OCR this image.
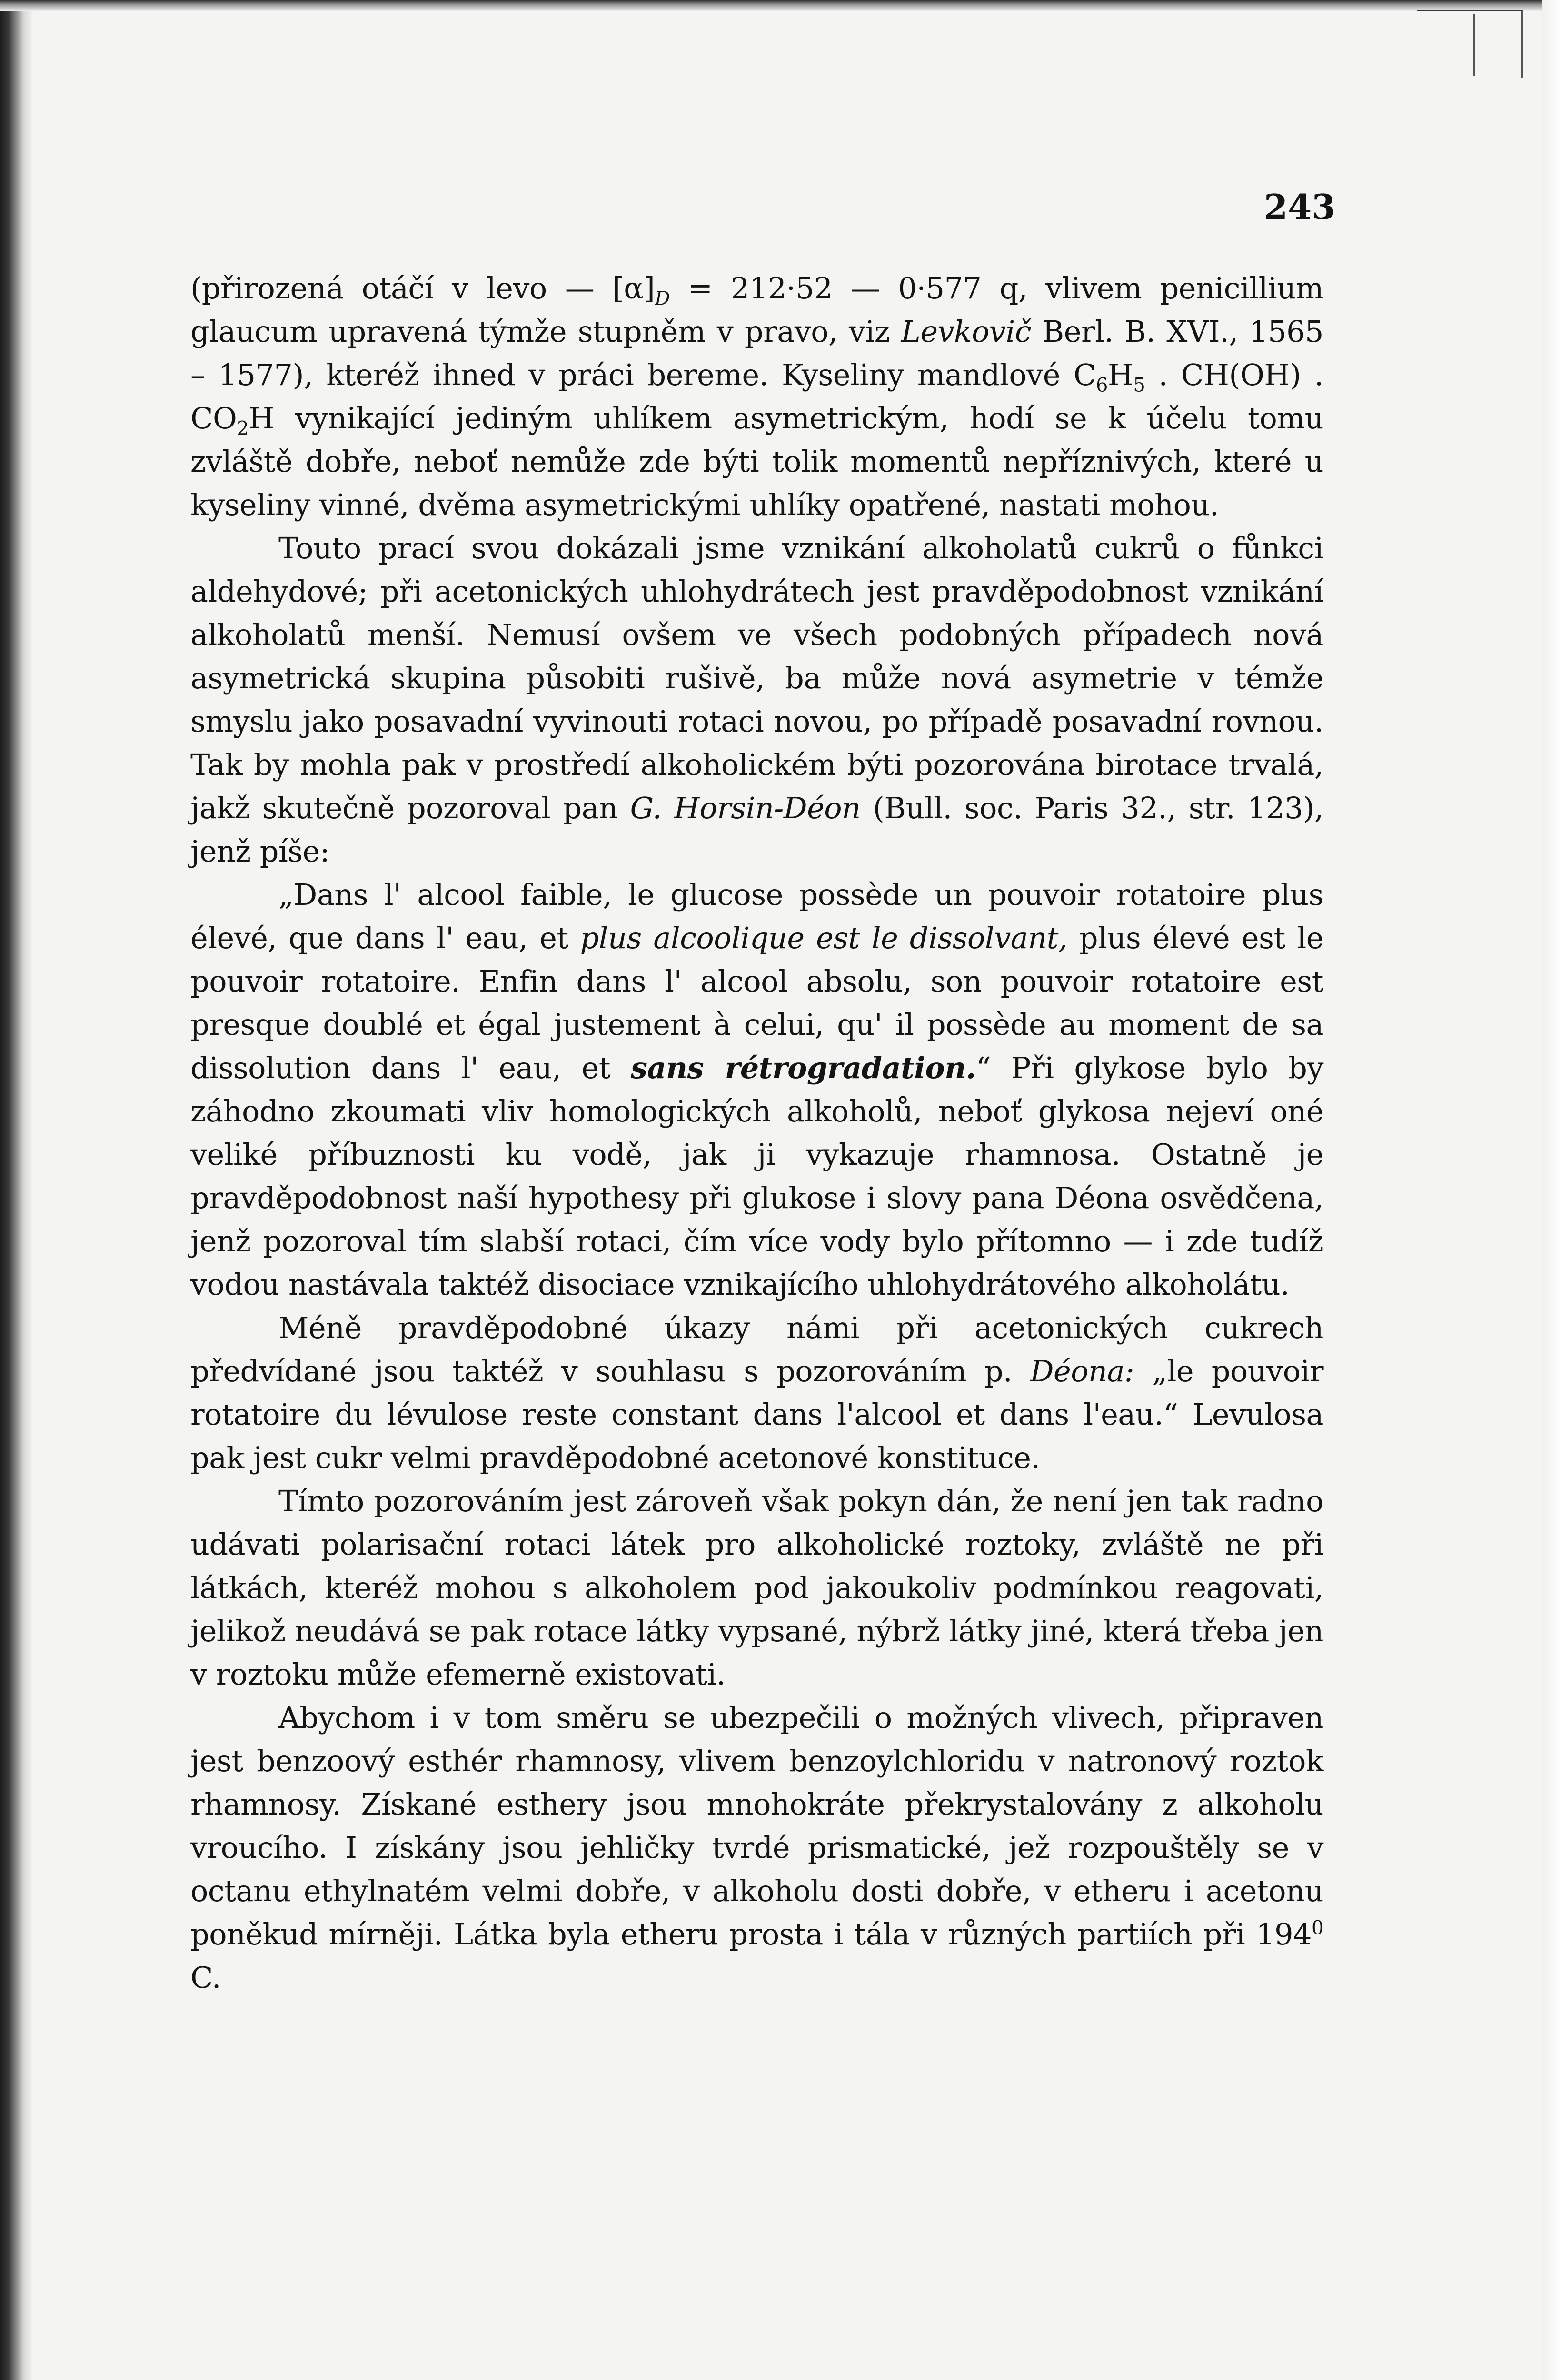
243

(přirozená otáčí v levo — $[\alpha]_D = 212\cdot 52$ — 0·577 q, vlivem penicillium glaucum upravená týmže stupněm v pravo, viz Levkovič Berl. B. XVI., 1565 – 1577), kteréž ihned v práci bereme. Kyseliny mandlové $C_6H_5$ . CH(OH) . $CO_2H$ vynikající jediným uhlíkem asymetrickým, hodí se k účelu tomu zvláště dobře, neboť nemůže zde býti tolik momentů nepříznivých, které u kyseliny vinné, dvěma asymetrickými uhlíky opatřené, nastati mohou.

Touto prací svou dokázali jsme vznikání alkoholatů cukrů o fůnkci aldehydové; při acetonických uhlohydrátech jest pravděpodobnost vznikání alkoholatů menší. Nemusí ovšem ve všech podobných případech nová asymetrická skupina působiti rušivě, ba může nová asymetrie v témže smyslu jako posavadní vyvinouti rotaci novou, po případě posavadní rovnou. Tak by mohla pak v prostředí alkoholickém býti pozorována birotace trvalá, jakž skutečně pozoroval pan G. Horsin-Déon (Bull. soc. Paris 32., str. 123), jenž píše:

„Dans l' alcool faible, le glucose possède un pouvoir rotatoire plus élevé, que dans l' eau, et plus alcoolique est le dissolvant, plus élevé est le pouvoir rotatoire. Enfin dans l' alcool absolu, son pouvoir rotatoire est presque doublé et égal justement à celui, qu' il possède au moment de sa dissolution dans l' eau, et sans rétrogradation.“ Při glykose bylo by záhodno zkoumati vliv homologických alkoholů, neboť glykosa nejeví oné veliké příbuznosti ku vodě, jak ji vykazuje rhamnosa. Ostatně je pravděpodobnost naší hypothesy při glukose i slovy pana Déona osvědčena, jenž pozoroval tím slabší rotaci, čím více vody bylo přítomno — i zde tudíž vodou nastávala taktéž disociace vznikajícího uhlohydrátového alkoholátu.

Méně pravděpodobné úkazy námi při acetonických cukrech předvídané jsou taktéž v souhlasu s pozorováním p. Déona: „le pouvoir rotatoire du lévulose reste constant dans l'alcool et dans l'eau.“ Levulosa pak jest cukr velmi pravděpodobné acetonové konstituce.

Tímto pozorováním jest zároveň však pokyn dán, že není jen tak radno udávati polarisační rotaci látek pro alkoholické roztoky, zvláště ne při látkách, kteréž mohou s alkoholem pod jakoukoliv podmínkou reagovati, jelikož neudává se pak rotace látky vypsané, nýbrž látky jiné, která třeba jen v roztoku může efemerně existovati.

Abychom i v tom směru se ubezpečili o možných vlivech, připraven jest benzoový esthér rhamnosy, vlivem benzoylchloridu v natronový roztok rhamnosy. Získané esthery jsou mnohokráte překrystalovány z alkoholu vroucího. I získány jsou jehličky tvrdé prismatické, jež rozpouštěly se v octanu ethylnatém velmi dobře, v alkoholu dosti dobře, v etheru i acetonu poněkud mírněji. Látka byla etheru prosta i tála v různých partiích při $194^0$ C.
